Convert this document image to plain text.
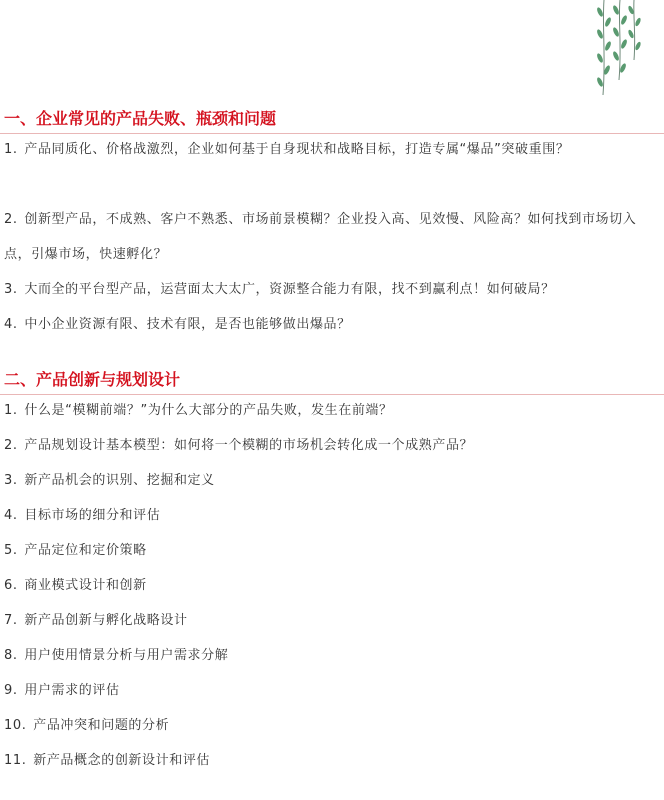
一、企业常见的产品失败、瓶颈和问题

1. 产品同质化、价格战激烈，企业如何基于自身现状和战略目标，打造专属“爆品”突破重围？

2. 创新型产品，不成熟、客户不熟悉、市场前景模糊？企业投入高、见效慢、风险高？如何找到市场切入点，引爆市场，快速孵化？

3. 大而全的平台型产品，运营面太大太广，资源整合能力有限，找不到赢利点！如何破局？

4. 中小企业资源有限、技术有限，是否也能够做出爆品？

二、产品创新与规划设计

1. 什么是“模糊前端？”为什么大部分的产品失败，发生在前端？

2. 产品规划设计基本模型：如何将一个模糊的市场机会转化成一个成熟产品？

3. 新产品机会的识别、挖掘和定义

4. 目标市场的细分和评估

5. 产品定位和定价策略

6. 商业模式设计和创新

7. 新产品创新与孵化战略设计

8. 用户使用情景分析与用户需求分解

9. 用户需求的评估

10. 产品冲突和问题的分析

11. 新产品概念的创新设计和评估
